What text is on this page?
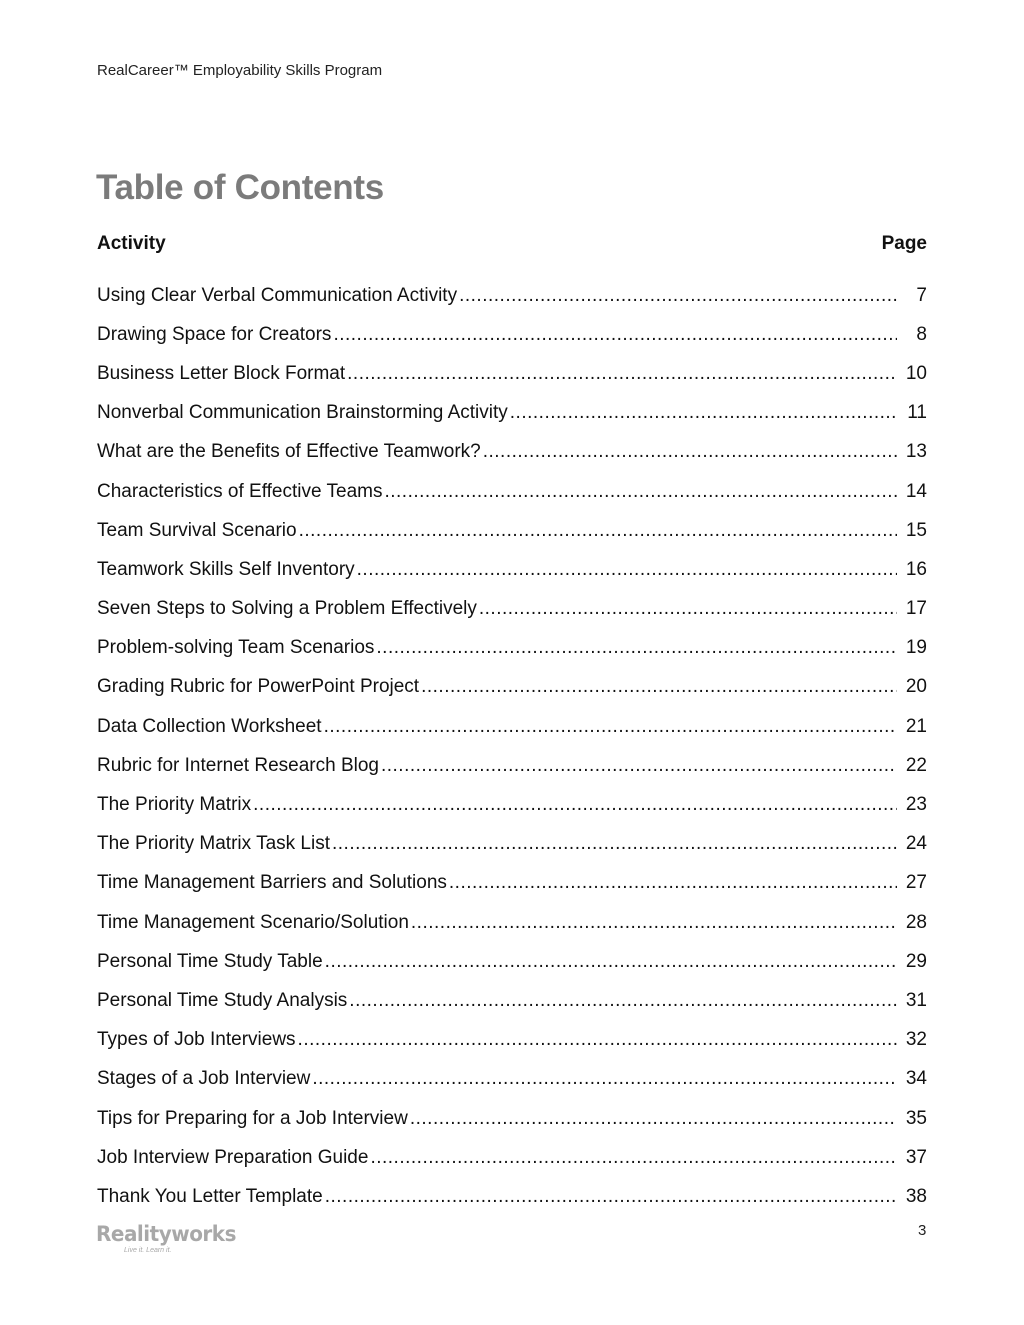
RealCareer™ Employability Skills Program
Table of Contents
Activity	Page
Using Clear Verbal Communication Activity .....	7
Drawing Space for Creators .....	8
Business Letter Block Format .....	10
Nonverbal Communication Brainstorming Activity .....	11
What are the Benefits of Effective Teamwork? .....	13
Characteristics of Effective Teams .....	14
Team Survival Scenario .....	15
Teamwork Skills Self Inventory .....	16
Seven Steps to Solving a Problem Effectively .....	17
Problem-solving Team Scenarios .....	19
Grading Rubric for PowerPoint Project .....	20
Data Collection Worksheet .....	21
Rubric for Internet Research Blog .....	22
The Priority Matrix .....	23
The Priority Matrix Task List .....	24
Time Management Barriers and Solutions .....	27
Time Management Scenario/Solution .....	28
Personal Time Study Table .....	29
Personal Time Study Analysis .....	31
Types of Job Interviews .....	32
Stages of a Job Interview .....	34
Tips for Preparing for a Job Interview .....	35
Job Interview Preparation Guide .....	37
Thank You Letter Template .....	38
Realityworks
Live it. Learn it.
3
